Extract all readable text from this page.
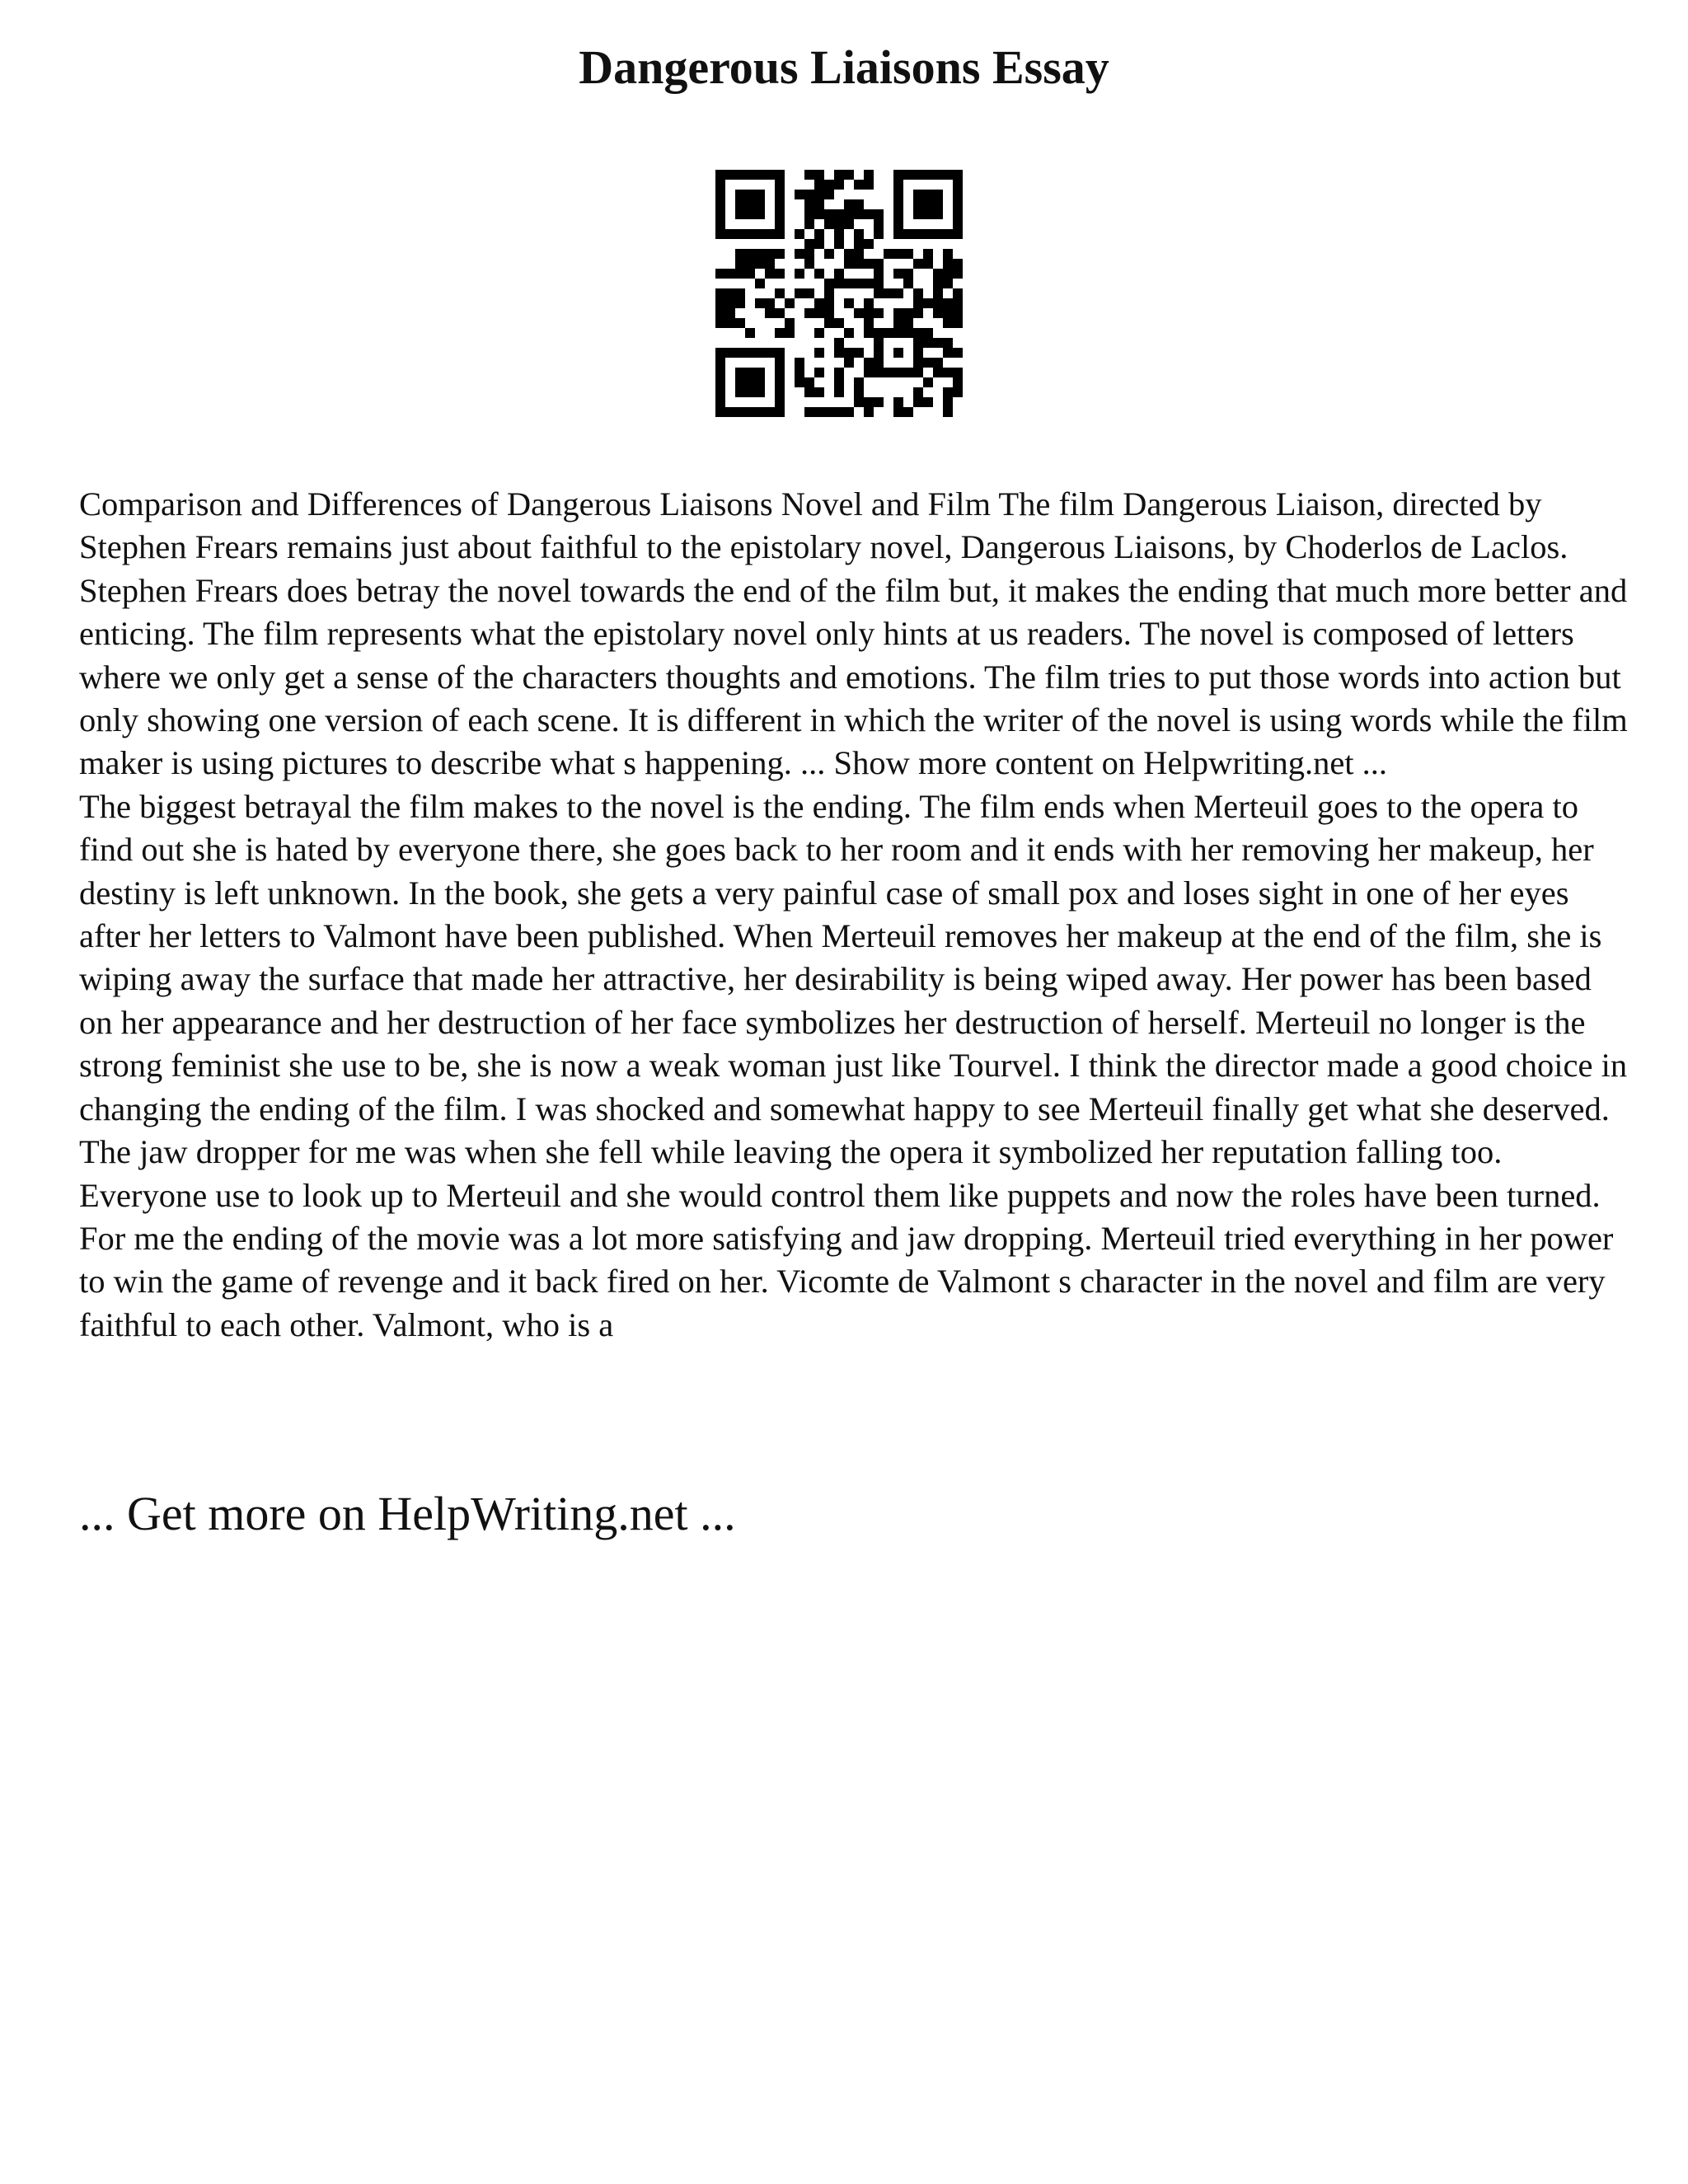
Dangerous Liaisons Essay

Comparison and Differences of Dangerous Liaisons Novel and Film The film Dangerous Liaison, directed by Stephen Frears remains just about faithful to the epistolary novel, Dangerous Liaisons, by Choderlos de Laclos. Stephen Frears does betray the novel towards the end of the film but, it makes the ending that much more better and enticing. The film represents what the epistolary novel only hints at us readers. The novel is composed of letters where we only get a sense of the characters thoughts and emotions. The film tries to put those words into action but only showing one version of each scene. It is different in which the writer of the novel is using words while the film maker is using pictures to describe what s happening. ... Show more content on Helpwriting.net ...

The biggest betrayal the film makes to the novel is the ending. The film ends when Merteuil goes to the opera to find out she is hated by everyone there, she goes back to her room and it ends with her removing her makeup, her destiny is left unknown. In the book, she gets a very painful case of small pox and loses sight in one of her eyes after her letters to Valmont have been published. When Merteuil removes her makeup at the end of the film, she is wiping away the surface that made her attractive, her desirability is being wiped away. Her power has been based on her appearance and her destruction of her face symbolizes her destruction of herself. Merteuil no longer is the strong feminist she use to be, she is now a weak woman just like Tourvel. I think the director made a good choice in changing the ending of the film. I was shocked and somewhat happy to see Merteuil finally get what she deserved. The jaw dropper for me was when she fell while leaving the opera it symbolized her reputation falling too. Everyone use to look up to Merteuil and she would control them like puppets and now the roles have been turned. For me the ending of the movie was a lot more satisfying and jaw dropping. Merteuil tried everything in her power to win the game of revenge and it back fired on her. Vicomte de Valmont s character in the novel and film are very faithful to each other. Valmont, who is a

... Get more on HelpWriting.net ...
